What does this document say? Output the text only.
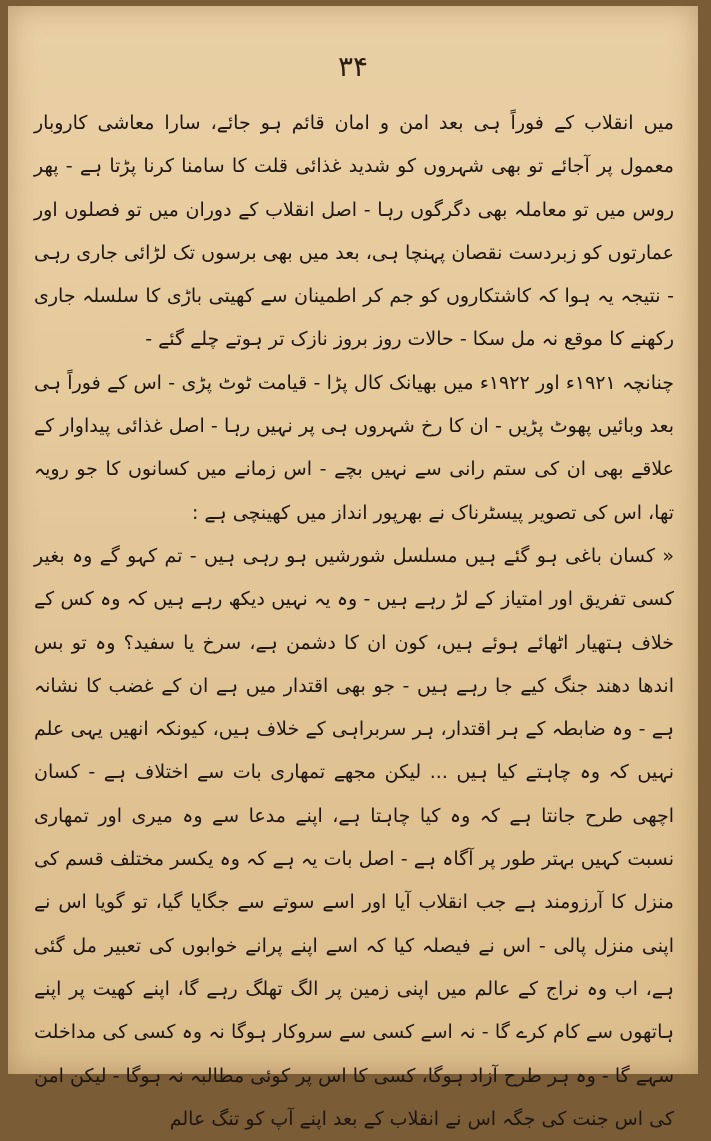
۳۴

میں انقلاب کے فوراً ہی بعد امن و امان قائم ہو جائے، سارا معاشی کاروبار معمول پر آجائے تو بھی شہروں کو شدید غذائی قلت کا سامنا کرنا پڑتا ہے - پھر روس میں تو معاملہ بھی دگرگوں رہا - اصل انقلاب کے دوران میں تو فصلوں اور عمارتوں کو زبردست نقصان پہنچا ہی، بعد میں بھی برسوں تک لڑائی جاری رہی - نتیجہ یہ ہوا کہ کاشتکاروں کو جم کر اطمینان سے کھیتی باڑی کا سلسلہ جاری رکھنے کا موقع نہ مل سکا - حالات روز بروز نازک تر ہوتے چلے گئے -

چنانچہ ۱۹۲۱ء اور ۱۹۲۲ء میں بھیانک کال پڑا - قیامت ٹوٹ پڑی - اس کے فوراً ہی بعد وبائیں پھوٹ پڑیں - ان کا رخ شہروں ہی پر نہیں رہا - اصل غذائی پیداوار کے علاقے بھی ان کی ستم رانی سے نہیں بچے - اس زمانے میں کسانوں کا جو رویہ تھا، اس کی تصویر پیسٹرناک نے بھرپور انداز میں کھینچی ہے :

« کسان باغی ہو گئے ہیں مسلسل شورشیں ہو رہی ہیں - تم کہو گے وہ بغیر کسی تفریق اور امتیاز کے لڑ رہے ہیں - وہ یہ نہیں دیکھ رہے ہیں کہ وہ کس کے خلاف ہتھیار اٹھائے ہوئے ہیں، کون ان کا دشمن ہے، سرخ یا سفید؟ وہ تو بس اندھا دھند جنگ کیے جا رہے ہیں - جو بھی اقتدار میں ہے ان کے غضب کا نشانہ ہے - وہ ضابطہ کے ہر اقتدار، ہر سربراہی کے خلاف ہیں، کیونکہ انھیں یہی علم نہیں کہ وہ چاہتے کیا ہیں ... لیکن مجھے تمھاری بات سے اختلاف ہے - کسان اچھی طرح جانتا ہے کہ وہ کیا چاہتا ہے، اپنے مدعا سے وہ میری اور تمھاری نسبت کہیں بہتر طور پر آگاہ ہے - اصل بات یہ ہے کہ وہ یکسر مختلف قسم کی منزل کا آرزومند ہے جب انقلاب آیا اور اسے سوتے سے جگایا گیا، تو گویا اس نے اپنی منزل پالی - اس نے فیصلہ کیا کہ اسے اپنے پرانے خوابوں کی تعبیر مل گئی ہے، اب وہ نراج کے عالم میں اپنی زمین پر الگ تھلگ رہے گا، اپنے کھیت پر اپنے ہاتھوں سے کام کرے گا - نہ اسے کسی سے سروکار ہوگا نہ وہ کسی کی مداخلت سہے گا - وہ ہر طرح آزاد ہوگا، کسی کا اس پر کوئی مطالبہ نہ ہوگا - لیکن امن کی اس جنت کی جگہ اس نے انقلاب کے بعد اپنے آپ کو تنگ عالم
